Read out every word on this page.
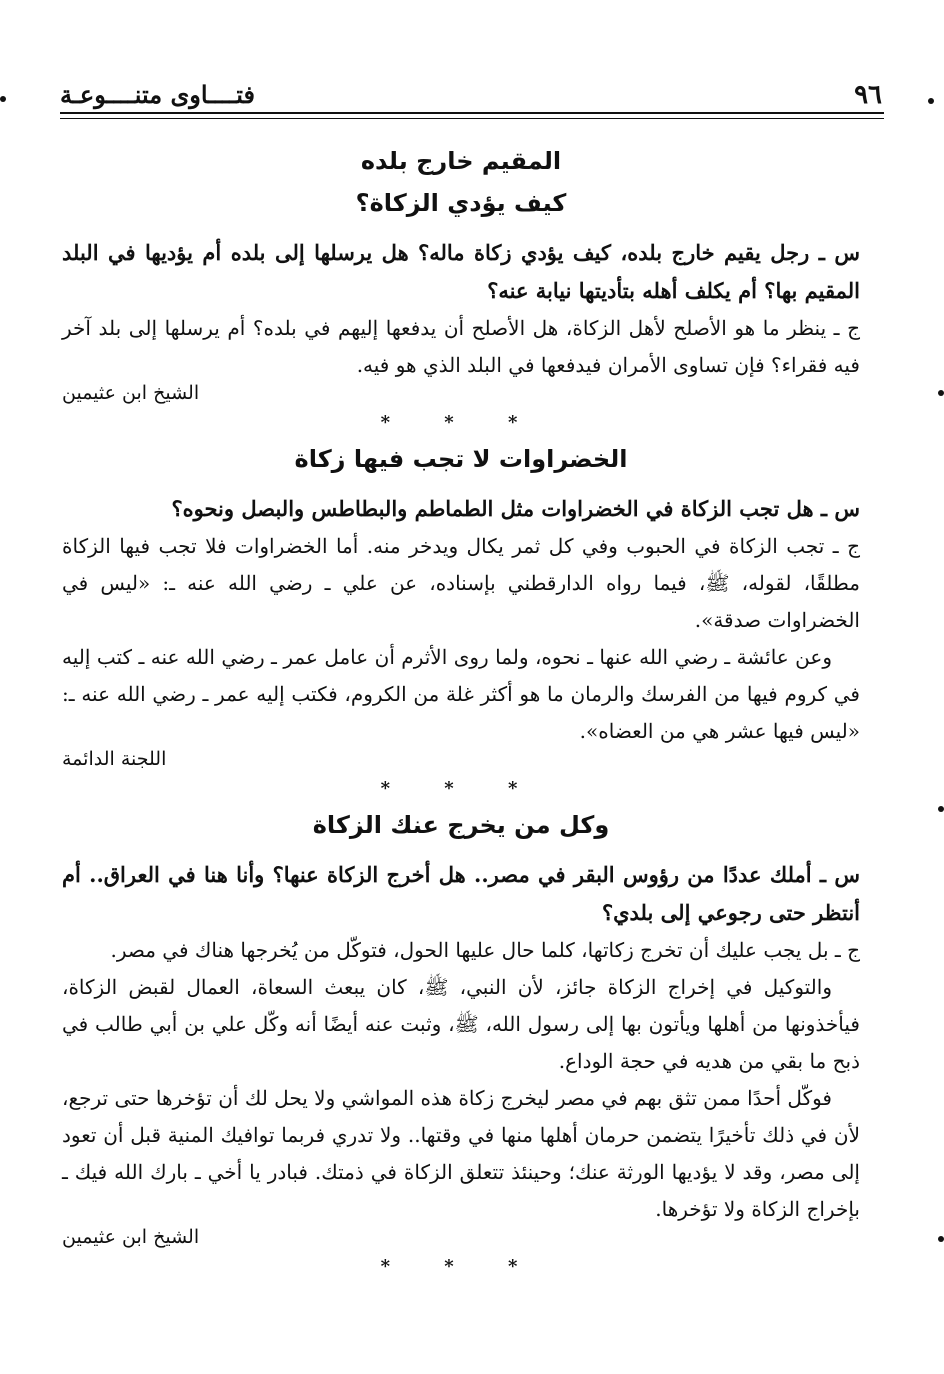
٩٦
فتــــاوى متنــــوعـة
المقيم خارج بلده
كيف يؤدي الزكاة؟

س ـ رجل يقيم خارج بلده، كيف يؤدي زكاة ماله؟ هل يرسلها إلى بلده أم يؤديها في البلد المقيم بها؟ أم يكلف أهله بتأديتها نيابة عنه؟

ج ـ ينظر ما هو الأصلح لأهل الزكاة، هل الأصلح أن يدفعها إليهم في بلده؟ أم يرسلها إلى بلد آخر فيه فقراء؟ فإن تساوى الأمران فيدفعها في البلد الذي هو فيه.

الشيخ ابن عثيمين
* * *
الخضراوات لا تجب فيها زكاة

س ـ هل تجب الزكاة في الخضراوات مثل الطماطم والبطاطس والبصل ونحوه؟

ج ـ تجب الزكاة في الحبوب وفي كل ثمر يكال ويدخر منه. أما الخضراوات فلا تجب فيها الزكاة مطلقًا، لقوله، ﷺ، فيما رواه الدارقطني بإسناده، عن علي ـ رضي الله عنه ـ: «ليس في الخضراوات صدقة».

وعن عائشة ـ رضي الله عنها ـ نحوه، ولما روى الأثرم أن عامل عمر ـ رضي الله عنه ـ كتب إليه في كروم فيها من الفرسك والرمان ما هو أكثر غلة من الكروم، فكتب إليه عمر ـ رضي الله عنه ـ: «ليس فيها عشر هي من العضاه».

اللجنة الدائمة
* * *
وكل من يخرج عنك الزكاة

س ـ أملك عددًا من رؤوس البقر في مصر.. هل أخرج الزكاة عنها؟ وأنا هنا في العراق.. أم أنتظر حتى رجوعي إلى بلدي؟

ج ـ بل يجب عليك أن تخرج زكاتها، كلما حال عليها الحول، فتوكّل من يُخرجها هناك في مصر.

والتوكيل في إخراج الزكاة جائز، لأن النبي، ﷺ، كان يبعث السعاة، العمال لقبض الزكاة، فيأخذونها من أهلها ويأتون بها إلى رسول الله، ﷺ، وثبت عنه أيضًا أنه وكّل علي بن أبي طالب في ذبح ما بقي من هديه في حجة الوداع.

فوكّل أحدًا ممن تثق بهم في مصر ليخرج زكاة هذه المواشي ولا يحل لك أن تؤخرها حتى ترجع، لأن في ذلك تأخيرًا يتضمن حرمان أهلها منها في وقتها.. ولا تدري فربما توافيك المنية قبل أن تعود إلى مصر، وقد لا يؤديها الورثة عنك؛ وحينئذ تتعلق الزكاة في ذمتك. فبادر يا أخي ـ بارك الله فيك ـ بإخراج الزكاة ولا تؤخرها.

الشيخ ابن عثيمين
* * *
